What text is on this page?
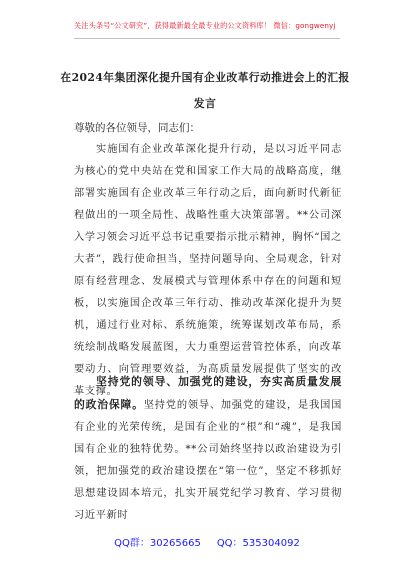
关注头条号“公文研究”，获得最新最全最专业的公文资料库！ 微信：gongwenyj
在2024年集团深化提升国有企业改革行动推进会上的汇报发言
尊敬的各位领导，同志们：
实施国有企业改革深化提升行动，是以习近平同志为核心的党中央站在党和国家工作大局的战略高度，继部署实施国有企业改革三年行动之后，面向新时代新征程做出的一项全局性、战略性重大决策部署。**公司深入学习领会习近平总书记重要指示批示精神，胸怀“国之大者”，践行使命担当，坚持问题导向、全局观念，针对原有经营理念、发展模式与管理体系中存在的问题和短板，以实施国企改革三年行动、推动改革深化提升为契机，通过行业对标、系统施策，统筹谋划改革布局，系统绘制战略发展蓝图，大力重塑运营管控体系，向改革要动力、向管理要效益，为高质量发展提供了坚实的改革支撑。
坚持党的领导、加强党的建设，夯实高质量发展的政治保障。坚持党的领导、加强党的建设，是我国国有企业的光荣传统，是国有企业的“根”和“魂”，是我国国有企业的独特优势。**公司始终坚持以政治建设为引领，把加强党的政治建设摆在“第一位”，坚定不移抓好思想建设固本培元，扎实开展党纪学习教育、学习贯彻习近平新时
QQ群：30265665 QQ：535304092
